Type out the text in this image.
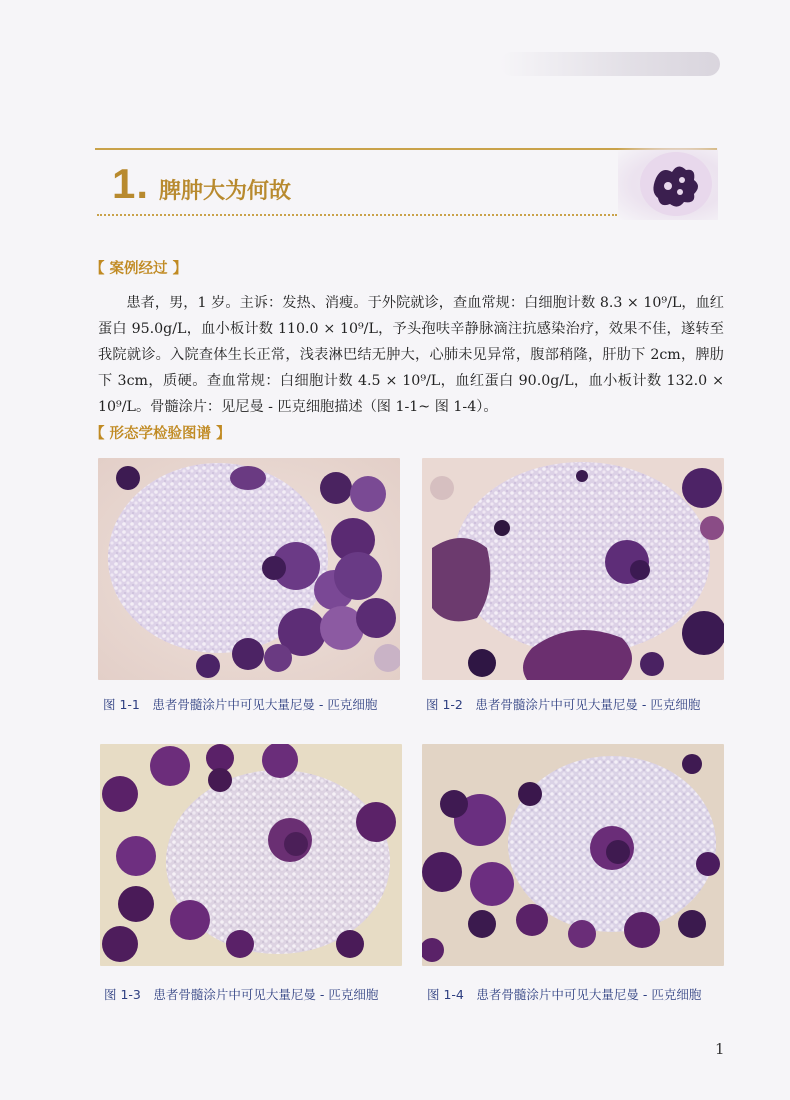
1. 脾肿大为何故
【 案例经过 】
患者，男，1 岁。主诉：发热、消瘦。于外院就诊，查血常规：白细胞计数 8.3 × 10⁹/L，血红蛋白 95.0g/L，血小板计数 110.0 × 10⁹/L，予头孢呋辛静脉滴注抗感染治疗，效果不佳，遂转至我院就诊。入院查体生长正常，浅表淋巴结无肿大，心肺未见异常，腹部稍隆，肝肋下 2cm，脾肋下 3cm，质硬。查血常规：白细胞计数 4.5 × 10⁹/L，血红蛋白 90.0g/L，血小板计数 132.0 × 10⁹/L。骨髓涂片：见尼曼 - 匹克细胞描述（图 1-1~ 图 1-4）。
【 形态学检验图谱 】
图 1-1　患者骨髓涂片中可见大量尼曼 - 匹克细胞	图 1-2　患者骨髓涂片中可见大量尼曼 - 匹克细胞
图 1-3　患者骨髓涂片中可见大量尼曼 - 匹克细胞	图 1-4　患者骨髓涂片中可见大量尼曼 - 匹克细胞
1
